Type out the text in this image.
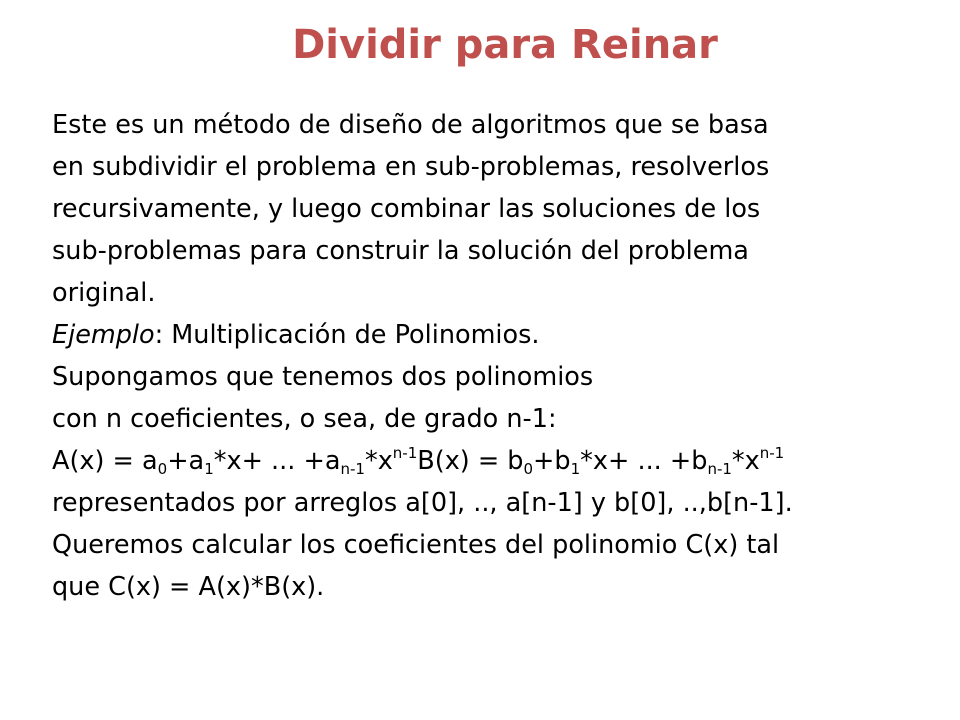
Dividir para Reinar
Este es un método de diseño de algoritmos que se basa
en subdividir el problema en sub-problemas, resolverlos
recursivamente, y luego combinar las soluciones de los
sub-problemas para construir la solución del problema
original.
Ejemplo: Multiplicación de Polinomios.
Supongamos que tenemos dos polinomios
con n coeficientes, o sea, de grado n-1:
$A(x) = a_0+a_1*x+$ ... $+a_{n-1}*x^{n-1}B(x) = b_0+b_1*x+$ ... $+b_{n-1}*x^{n-1}$
representados por arreglos a[0], .., a[n-1] y b[0], ..,b[n-1].
Queremos calcular los coeficientes del polinomio C(x) tal
que C(x) = A(x)*B(x).
